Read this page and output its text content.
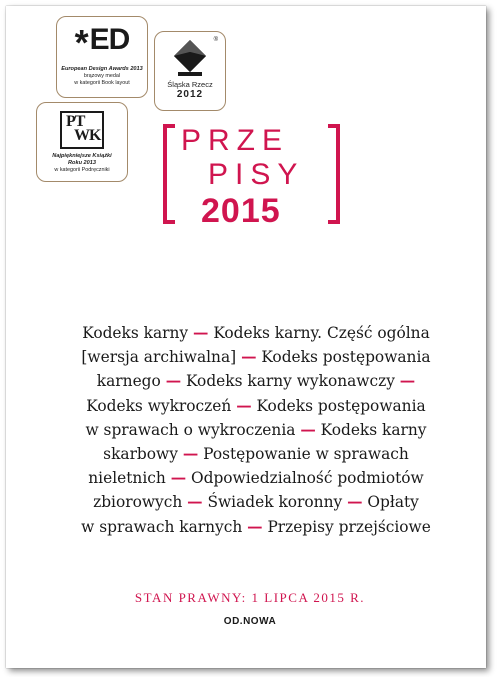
*ED
European Design Awards 2013
brązowy medal
w kategorii Book layout
®
Śląska Rzecz
2012
PT
WK
Najpiękniejsze Książki
Roku 2013
w kategorii Podręczniki
PRZE
PISY
2015
Kodeks karny — Kodeks karny. Część ogólna
[wersja archiwalna] — Kodeks postępowania
karnego — Kodeks karny wykonawczy —
Kodeks wykroczeń — Kodeks postępowania
w sprawach o wykroczenia — Kodeks karny
skarbowy — Postępowanie w sprawach
nieletnich — Odpowiedzialność podmiotów
zbiorowych — Świadek koronny — Opłaty
w sprawach karnych — Przepisy przejściowe
STAN PRAWNY: 1 LIPCA 2015 R.
OD.NOWA
